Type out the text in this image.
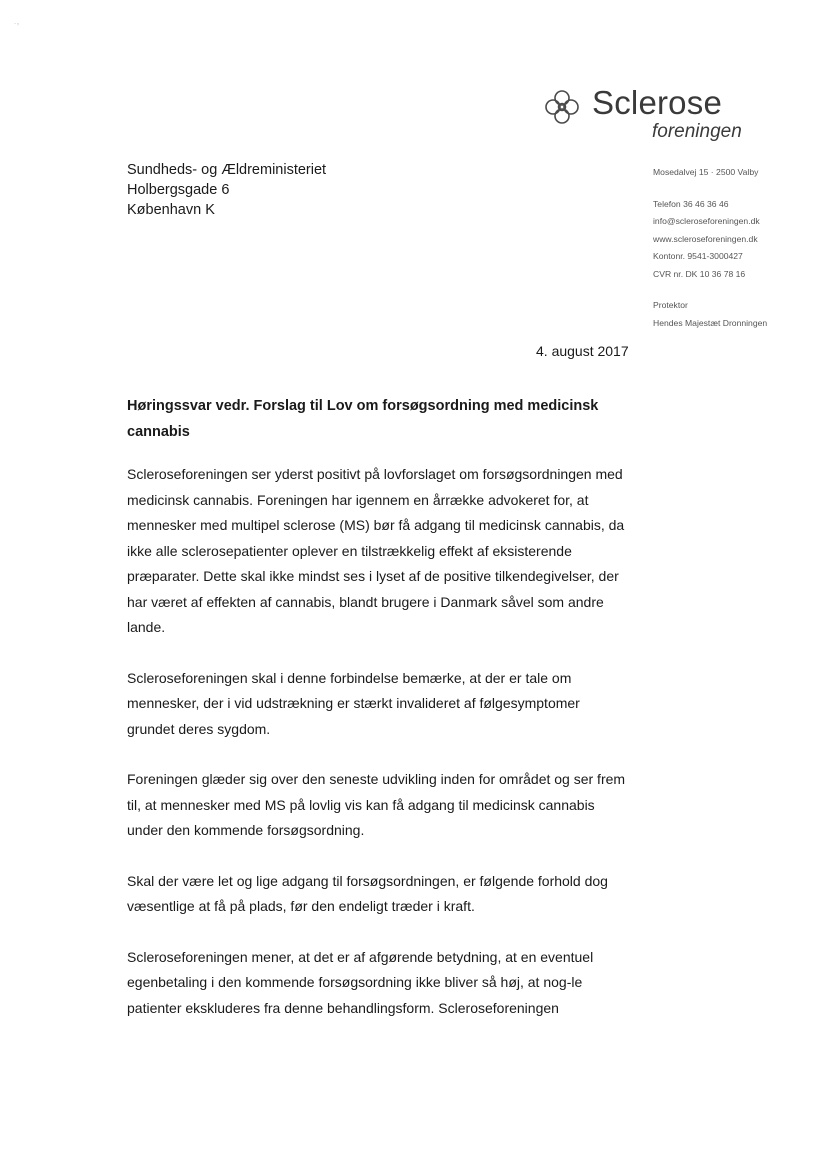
˙ʼ
Sclerose
foreningen
Sundheds- og Ældreministeriet
Holbergsgade 6
København K
Mosedalvej 15 · 2500 Valby
Telefon 36 46 36 46
info@scleroseforeningen.dk
www.scleroseforeningen.dk
Kontonr. 9541-3000427
CVR nr. DK 10 36 78 16
Protektor
Hendes Majestæt Dronningen
4. august 2017
Høringssvar vedr. Forslag til Lov om forsøgsordning med medicinsk cannabis

Scleroseforeningen ser yderst positivt på lovforslaget om forsøgsordningen med medicinsk cannabis. Foreningen har igennem en årrække advokeret for, at mennesker med multipel sclerose (MS) bør få adgang til medicinsk cannabis, da ikke alle sclerosepatienter oplever en tilstrækkelig effekt af eksisterende præparater. Dette skal ikke mindst ses i lyset af de positive tilkendegivelser, der har været af effekten af cannabis, blandt brugere i Danmark såvel som andre lande.

Scleroseforeningen skal i denne forbindelse bemærke, at der er tale om mennesker, der i vid udstrækning er stærkt invalideret af følgesymptomer grundet deres sygdom.

Foreningen glæder sig over den seneste udvikling inden for området og ser frem til, at mennesker med MS på lovlig vis kan få adgang til medicinsk cannabis under den kommende forsøgsordning.

Skal der være let og lige adgang til forsøgsordningen, er følgende forhold dog væsentlige at få på plads, før den endeligt træder i kraft.

Scleroseforeningen mener, at det er af afgørende betydning, at en eventuel egenbetaling i den kommende forsøgsordning ikke bliver så høj, at nog-le patienter ekskluderes fra denne behandlingsform. Scleroseforeningen
